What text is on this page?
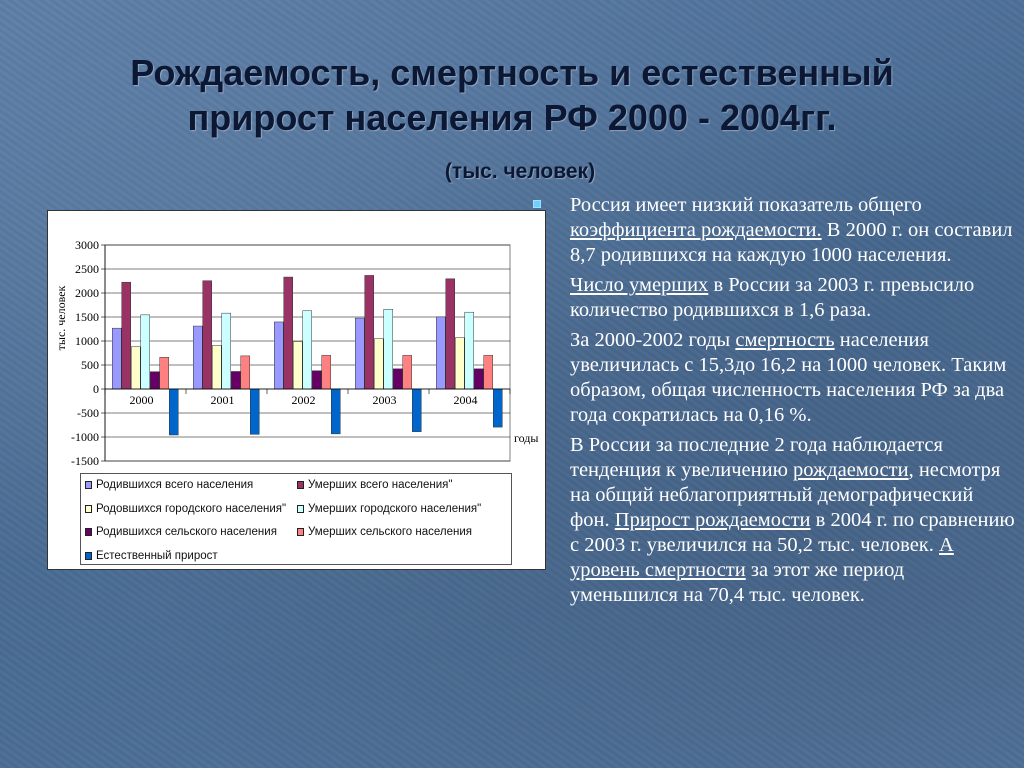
Рождаемость, смертность и естественный
прирост населения РФ 2000 - 2004гг.
(тыс. человек)
3000
2500
2000
1500
1000
500
0
-500
-1000
-1500
тыс. человек
2000	2001	2002	2003	2004
годы
Родившихся всего населения	Умерших всего населения"
Родовшихся городского населения" Умерших городского населения"
Родившихся сельского населения	Умерших сельского населения
Естественный прирост

Россия имеет низкий показатель общего коэффициента рождаемости. В 2000 г. он составил 8,7 родившихся на каждую 1000 населения.

Число умерших в России за 2003 г. превысило количество родившихся в 1,6 раза.

За 2000-2002 годы смертность населения увеличилась с 15,3до 16,2 на 1000 человек. Таким образом, общая численность населения РФ за два года сократилась на 0,16 %.

В России за последние 2 года наблюдается тенденция к увеличению рождаемости, несмотря на общий неблагоприятный демографический фон. Прирост рождаемости в 2004 г. по сравнению с 2003 г. увеличился на 50,2 тыс. человек. А уровень смертности за этот же период уменьшился на 70,4 тыс. человек.
